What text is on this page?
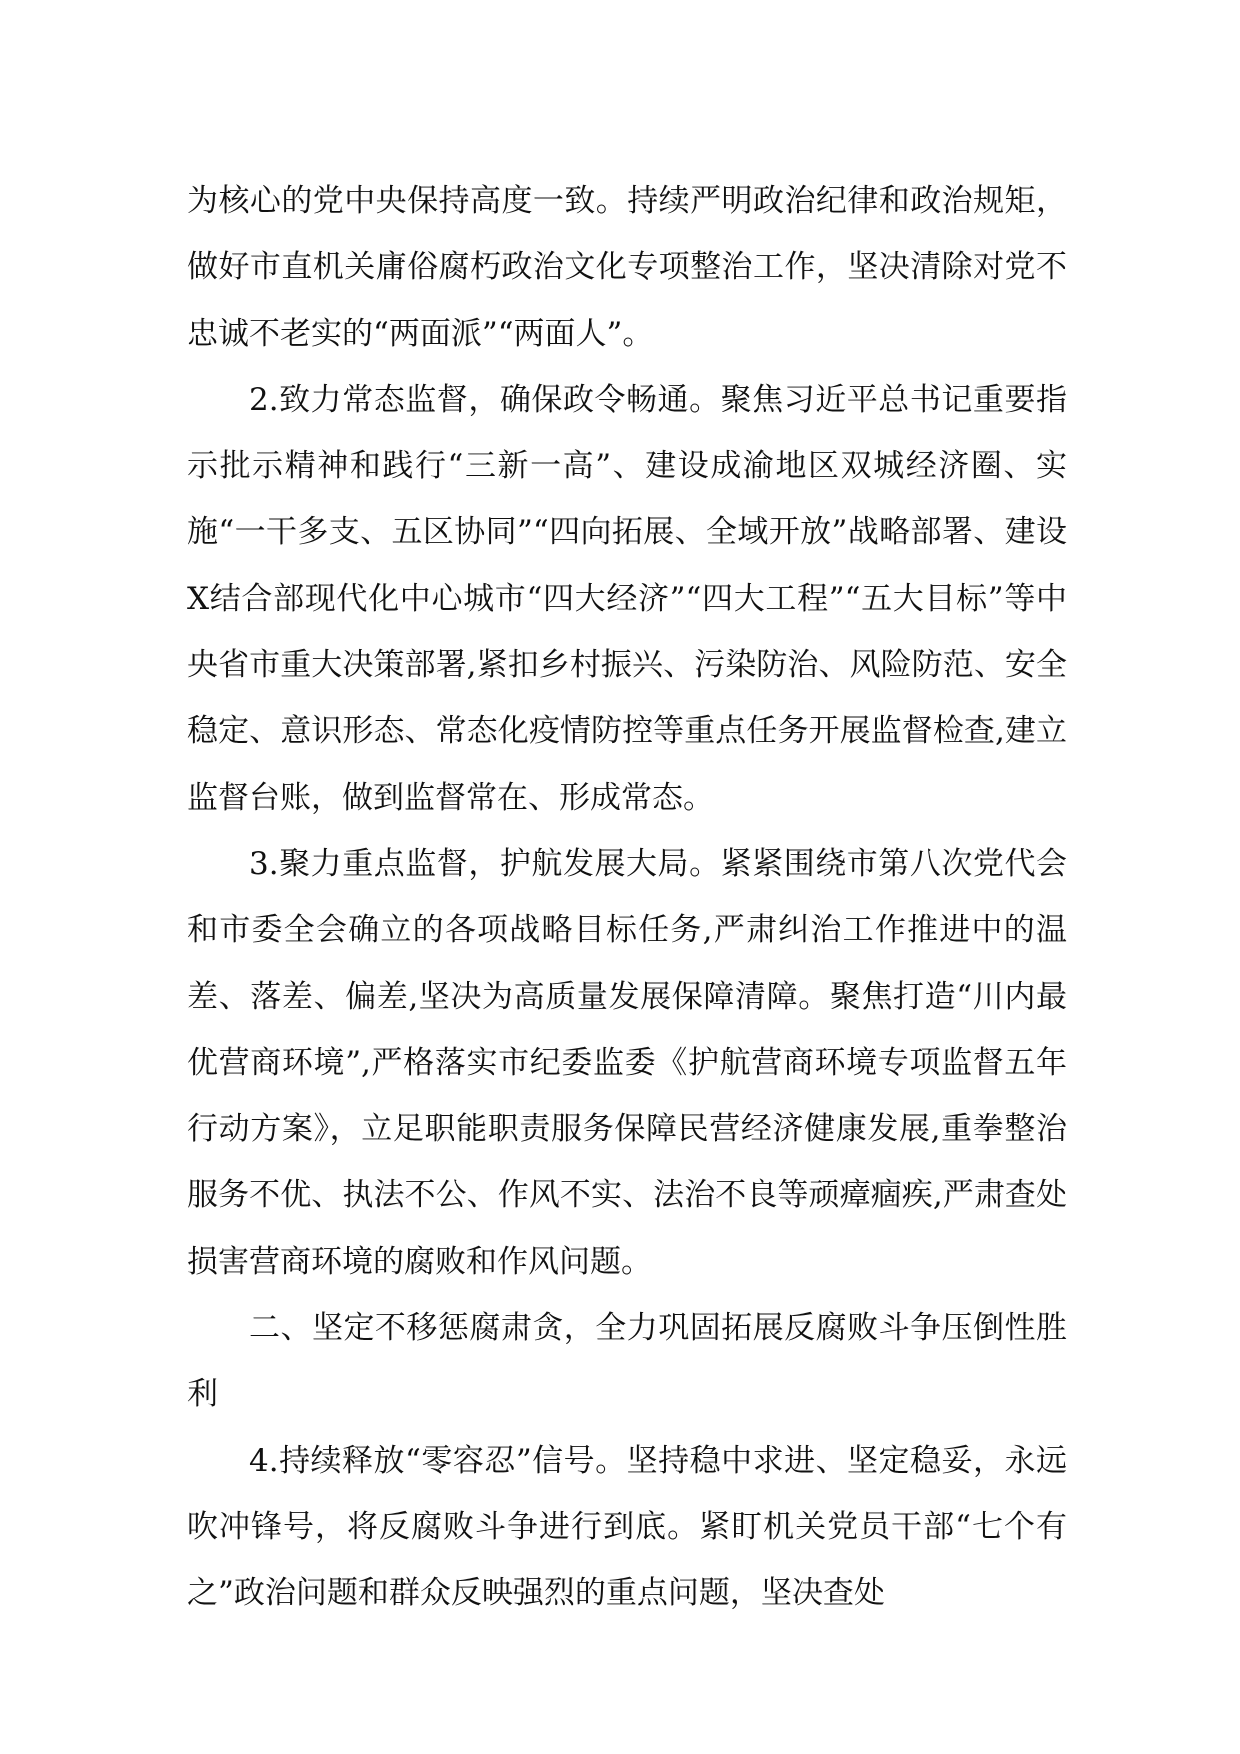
为核心的党中央保持高度一致。持续严明政治纪律和政治规矩，做好市直机关庸俗腐朽政治文化专项整治工作，坚决清除对党不忠诚不老实的“两面派”“两面人”。

2.致力常态监督，确保政令畅通。聚焦习近平总书记重要指示批示精神和践行“三新一高”、建设成渝地区双城经济圈、实施“一干多支、五区协同”“四向拓展、全域开放”战略部署、建设X结合部现代化中心城市“四大经济”“四大工程”“五大目标”等中央省市重大决策部署,紧扣乡村振兴、污染防治、风险防范、安全稳定、意识形态、常态化疫情防控等重点任务开展监督检查,建立监督台账，做到监督常在、形成常态。

3.聚力重点监督，护航发展大局。紧紧围绕市第八次党代会和市委全会确立的各项战略目标任务,严肃纠治工作推进中的温差、落差、偏差,坚决为高质量发展保障清障。聚焦打造“川内最优营商环境”,严格落实市纪委监委《护航营商环境专项监督五年行动方案》，立足职能职责服务保障民营经济健康发展,重拳整治服务不优、执法不公、作风不实、法治不良等顽瘴痼疾,严肃查处损害营商环境的腐败和作风问题。

二、坚定不移惩腐肃贪，全力巩固拓展反腐败斗争压倒性胜利

4.持续释放“零容忍”信号。坚持稳中求进、坚定稳妥，永远吹冲锋号，将反腐败斗争进行到底。紧盯机关党员干部“七个有之”政治问题和群众反映强烈的重点问题，坚决查处
